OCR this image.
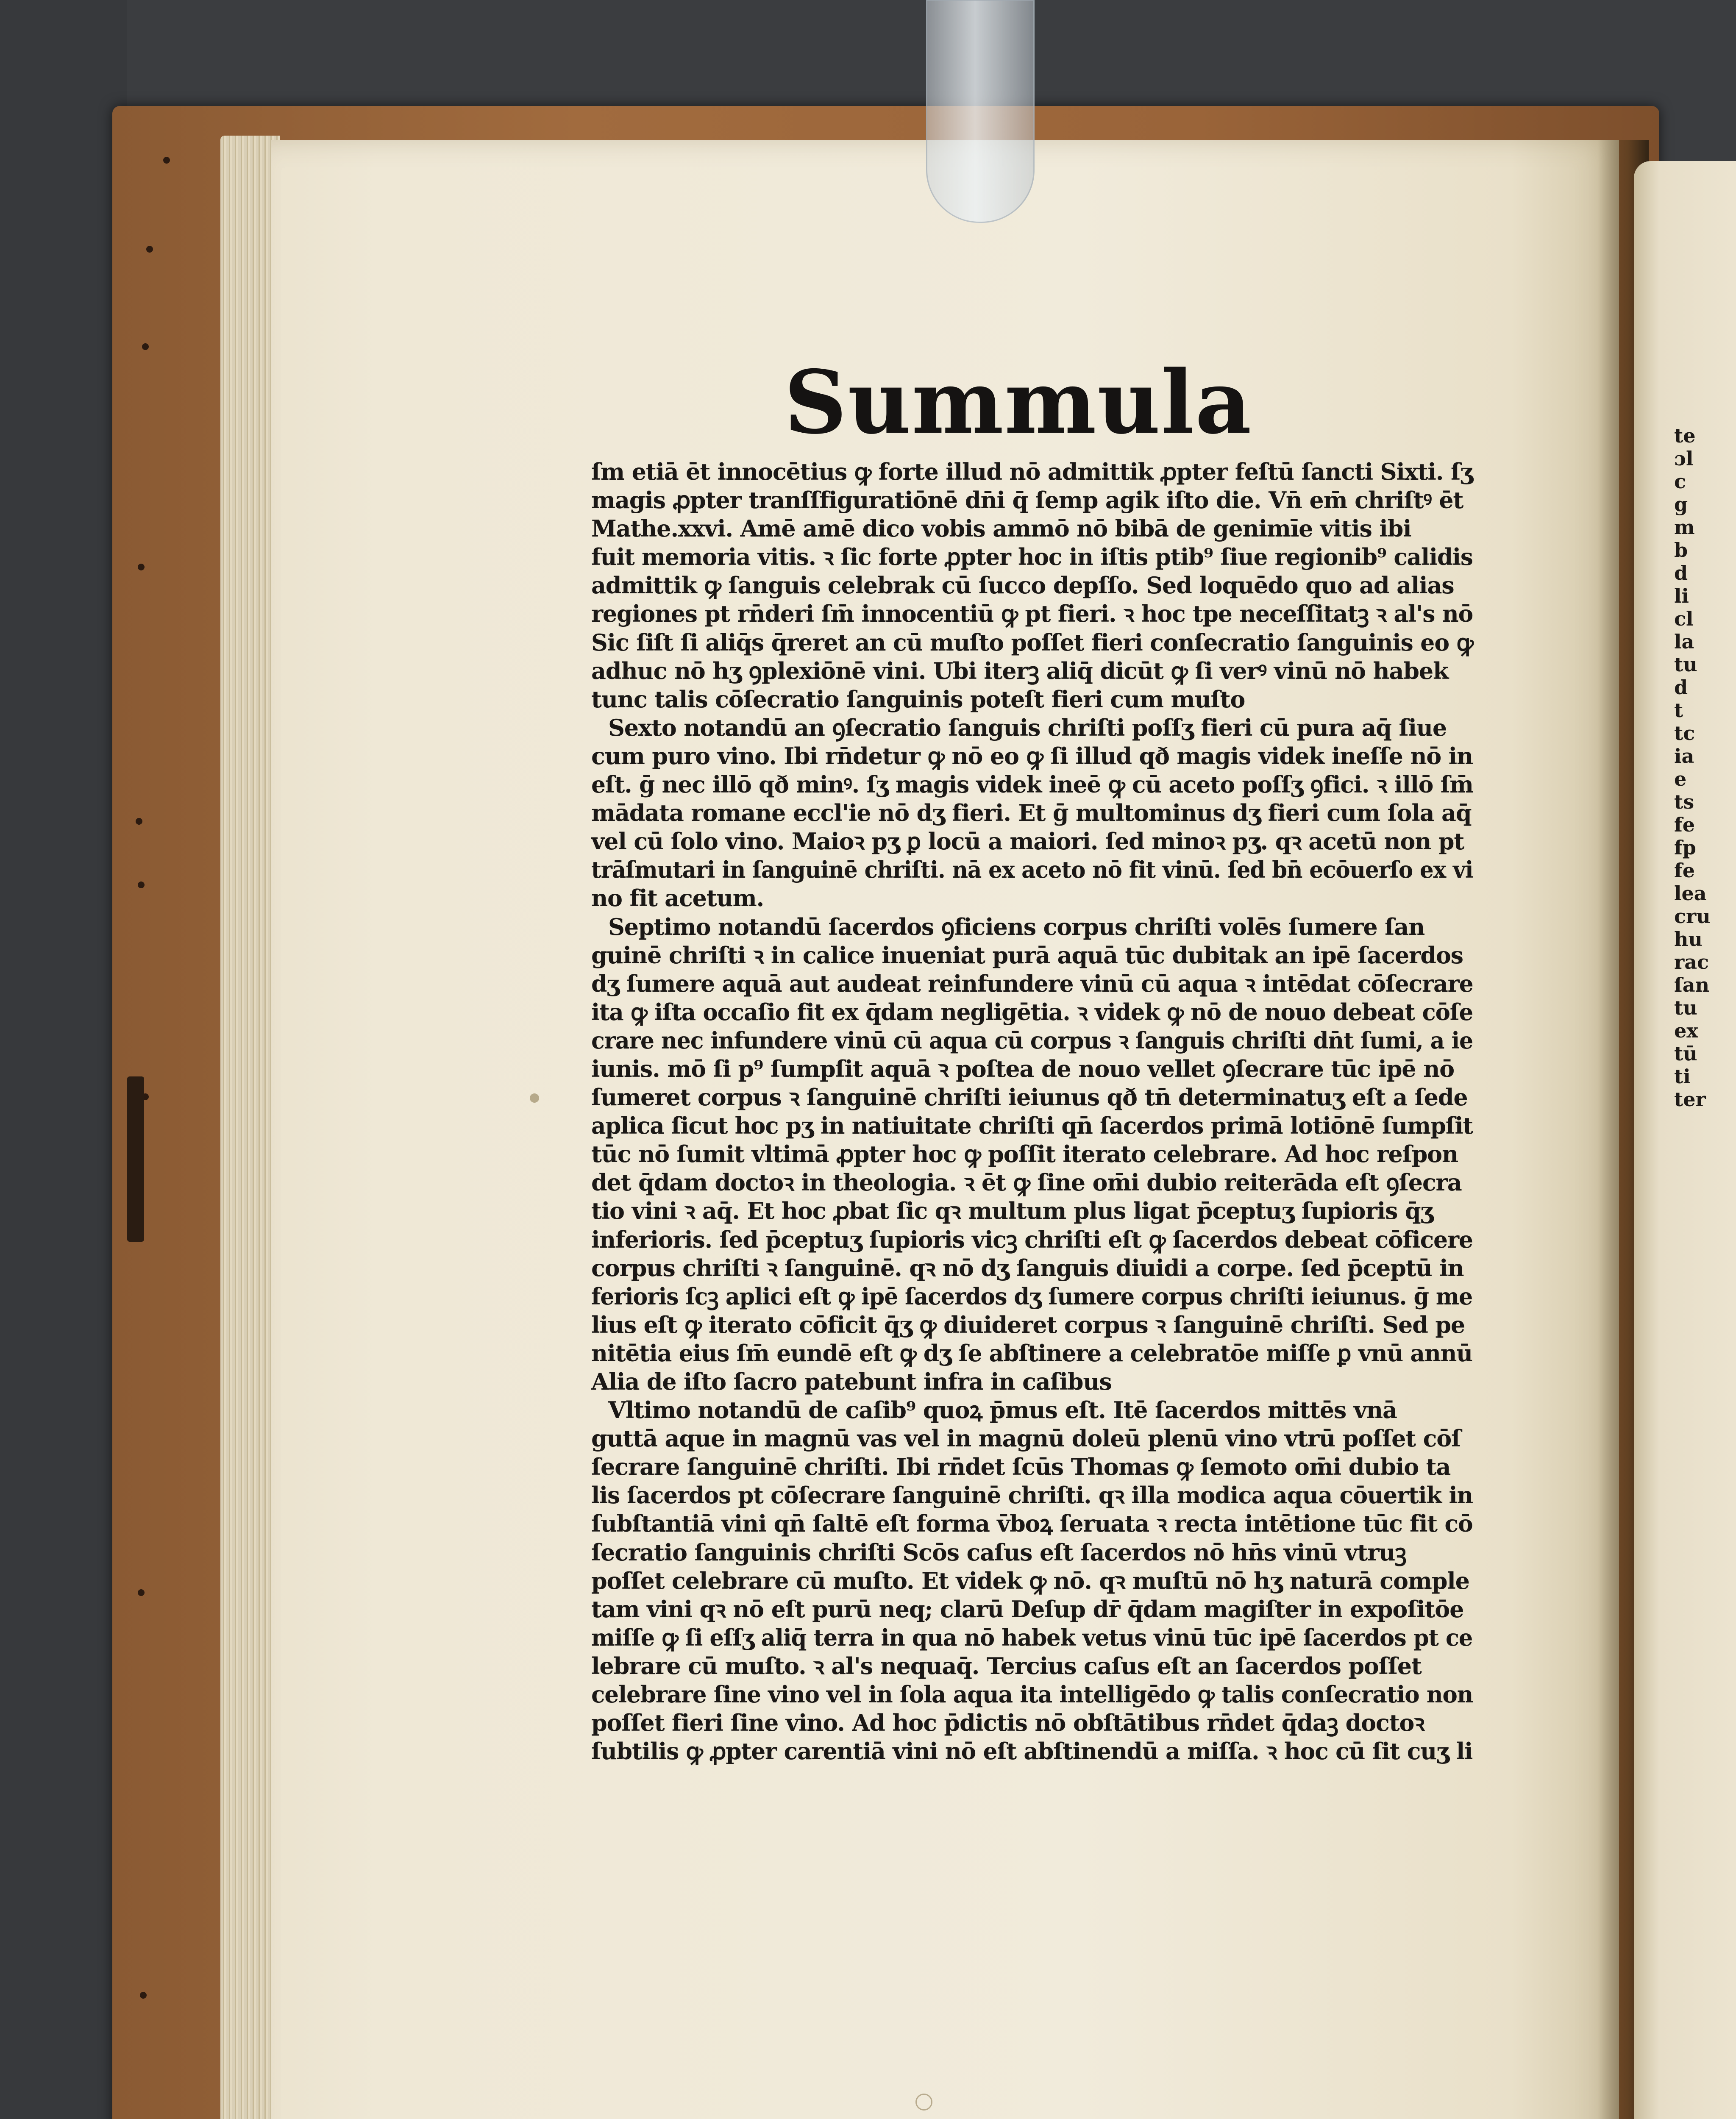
te
ɔl
c
g
m
b
d
li
cl
la
tu
d
t
tc
ia
e
ts
fe
fp
fe
lea
cru
hu
rac
ſan
tu
ex
tū
ti
ter
Summula
ſm etiā ēt innocētius ꝙ forte illud nō admittik ꝓpter feſtū ſancti Sixti. ſʒ
magis ꝓpter tranſſfiguratiōnē dn̄i q̄ ſemp agik iſto die. Vn̄ em̄ chriſtꝰ ēt
Mathe.xxvi. Amē amē dico vobis ammō nō bibā de genimīe vitis ibi
fuit memoria vitis. ꝛ ſic forte ꝓpter hoc in iſtis ptib⁹ ſiue regionib⁹ calidis
admittik ꝙ ſanguis celebrak cū ſucco depſſo. Sed loquēdo quo ad alias
regiones pt rn̄deri ſm̄ innocentiū ꝙ pt fieri. ꝛ hoc tpe neceſſitatꝫ ꝛ al's nō
Sic ſiſt ſi aliq̄s q̄reret an cū muſto poſſet fieri conſecratio ſanguinis eo ꝙ
adhuc nō hʒ ꝯplexiōnē vini. Ubi iterꝫ aliq̄ dicūt ꝙ ſi verꝰ vinū nō habek
tunc talis cōſecratio ſanguinis poteſt fieri cum muſto
Sexto notandū an ꝯſecratio ſanguis chriſti poſſʒ fieri cū pura aq̄ ſiue
cum puro vino. Ibi rn̄detur ꝙ nō eo ꝙ ſi illud qð magis videk ineſſe nō in
eſt. ḡ nec illō qð minꝰ. ſʒ magis videk ineē ꝙ cū aceto poſſʒ ꝯfici. ꝛ illō ſm̄
mādata romane eccl'ie nō dʒ fieri. Et ḡ multominus dʒ fieri cum ſola aq̄
vel cū ſolo vino. Maioꝛ pʒ ꝑ locū a maiori. ſed minoꝛ pʒ. qꝛ acetū non pt
trāſmutari in ſanguinē chriſti. nā ex aceto nō fit vinū. ſed bn̄ ecōuerſo ex vi
no fit acetum.
Septimo notandū ſacerdos ꝯficiens corpus chriſti volēs ſumere ſan
guinē chriſti ꝛ in calice inueniat purā aquā tūc dubitak an ipē ſacerdos
dʒ ſumere aquā aut audeat reinfundere vinū cū aqua ꝛ intēdat cōſecrare
ita ꝙ iſta occaſio fit ex q̄dam negligētia. ꝛ videk ꝙ nō de nouo debeat cōſe
crare nec infundere vinū cū aqua cū corpus ꝛ ſanguis chriſti dn̄t ſumi, a ie
iunis. mō ſi p⁹ ſumpſit aquā ꝛ poſtea de nouo vellet ꝯſecrare tūc ipē nō
ſumeret corpus ꝛ ſanguinē chriſti ieiunus qð tn̄ determinatuʒ eſt a ſede
aplica ſicut hoc pʒ in natiuitate chriſti qn̄ ſacerdos primā lotiōnē ſumpſit
tūc nō ſumit vltimā ꝓpter hoc ꝙ poſſit iterato celebrare. Ad hoc reſpon
det q̄dam doctoꝛ in theologia. ꝛ ēt ꝙ ſine om̄i dubio reiterāda eſt ꝯſecra
tio vini ꝛ aq̄. Et hoc ꝓbat ſic qꝛ multum plus ligat p̄ceptuʒ ſupioris q̄ʒ
inferioris. ſed p̄ceptuʒ ſupioris vicꝫ chriſti eſt ꝙ ſacerdos debeat cōficere
corpus chriſti ꝛ ſanguinē. qꝛ nō dʒ ſanguis diuidi a corpe. ſed p̄ceptū in
ferioris ſcꝫ aplici eſt ꝙ ipē ſacerdos dʒ ſumere corpus chriſti ieiunus. ḡ me
lius eſt ꝙ iterato cōficit q̄ʒ ꝙ diuideret corpus ꝛ ſanguinē chriſti. Sed pe
nitētia eius ſm̄ eundē eſt ꝙ dʒ ſe abſtinere a celebratōe miſſe ꝑ vnū annū
Alia de iſto ſacro patebunt infra in caſibus
Vltimo notandū de caſib⁹ quoꝝ p̄mus eſt. Itē ſacerdos mittēs vnā
guttā aque in magnū vas vel in magnū doleū plenū vino vtrū poſſet cōſ
ſecrare ſanguinē chriſti. Ibi rn̄det ſcūs Thomas ꝙ ſemoto om̄i dubio ta
lis ſacerdos pt cōſecrare ſanguinē chriſti. qꝛ illa modica aqua cōuertik in
ſubſtantiā vini qn̄ ſaltē eſt forma v̄boꝝ ſeruata ꝛ recta intētione tūc fit cō
ſecratio ſanguinis chriſti Scōs caſus eſt ſacerdos nō hn̄s vinū vtruꝫ
poſſet celebrare cū muſto. Et videk ꝙ nō. qꝛ muſtū nō hʒ naturā comple
tam vini qꝛ nō eſt purū neq; clarū Deſup dr̄ q̄dam magiſter in expoſitōe
miſſe ꝙ ſi eſſʒ aliq̄ terra in qua nō habek vetus vinū tūc ipē ſacerdos pt ce
lebrare cū muſto. ꝛ al's nequaq̄. Tercius caſus eſt an ſacerdos poſſet
celebrare ſine vino vel in ſola aqua ita intelligēdo ꝙ talis conſecratio non
poſſet fieri ſine vino. Ad hoc p̄dictis nō obſtātibus rn̄det q̄daꝫ doctoꝛ
ſubtilis ꝙ ꝓpter carentiā vini nō eſt abſtinendū a miſſa. ꝛ hoc cū ſit cuʒ li
